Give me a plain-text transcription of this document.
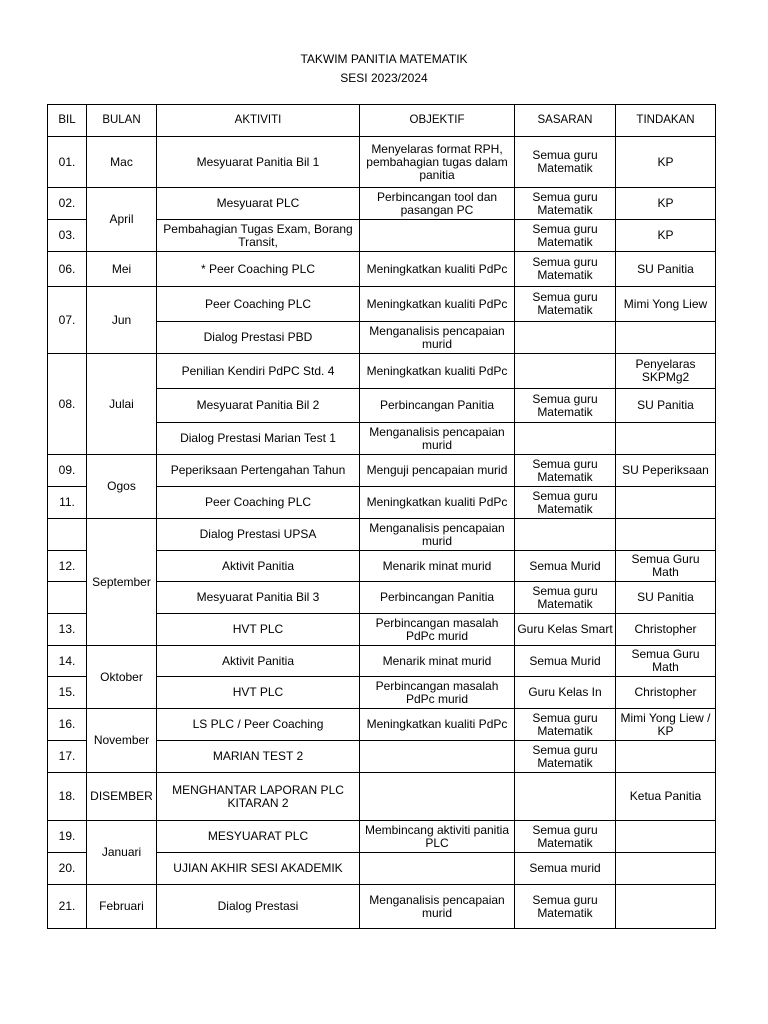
TAKWIM PANITIA MATEMATIK
SESI 2023/2024
BIL	BULAN	AKTIVITI	OBJEKTIF	SASARAN	TINDAKAN
01.	Mac	Mesyuarat Panitia Bil 1	Menyelaras format RPH, pembahagian tugas dalam panitia	Semua guru Matematik	KP
02.	April	Mesyuarat PLC	Perbincangan tool dan pasangan PC	Semua guru Matematik	KP
03.		Pembahagian Tugas Exam, Borang Transit,		Semua guru Matematik	KP
06.	Mei	* Peer Coaching PLC	Meningkatkan kualiti PdPc	Semua guru Matematik	SU Panitia
07.	Jun	Peer Coaching PLC	Meningkatkan kualiti PdPc	Semua guru Matematik	Mimi Yong Liew
		Dialog Prestasi PBD	Menganalisis pencapaian murid		
08.	Julai	Penilian Kendiri PdPC Std. 4	Meningkatkan kualiti PdPc		Penyelaras SKPMg2
		Mesyuarat Panitia Bil 2	Perbincangan Panitia	Semua guru Matematik	SU Panitia
		Dialog Prestasi Marian Test 1	Menganalisis pencapaian murid		
09.	Ogos	Peperiksaan Pertengahan Tahun	Menguji pencapaian murid	Semua guru Matematik	SU Peperiksaan
11.		Peer Coaching PLC	Meningkatkan kualiti PdPc	Semua guru Matematik	
	September	Dialog Prestasi UPSA	Menganalisis pencapaian murid		
12.		Aktivit Panitia	Menarik minat murid	Semua Murid	Semua Guru Math
		Mesyuarat Panitia Bil 3	Perbincangan Panitia	Semua guru Matematik	SU Panitia
13.		HVT PLC	Perbincangan masalah PdPc murid	Guru Kelas Smart	Christopher
14.	Oktober	Aktivit Panitia	Menarik minat murid	Semua Murid	Semua Guru Math
15.		HVT PLC	Perbincangan masalah PdPc murid	Guru Kelas In	Christopher
16.	November	LS PLC / Peer Coaching	Meningkatkan kualiti PdPc	Semua guru Matematik	Mimi Yong Liew / KP
17.		MARIAN TEST 2		Semua guru Matematik	
18.	DISEMBER	MENGHANTAR LAPORAN PLC KITARAN 2			Ketua Panitia
19.	Januari	MESYUARAT PLC	Membincang aktiviti panitia PLC	Semua guru Matematik	
20.		UJIAN AKHIR SESI AKADEMIK		Semua murid	
21.	Februari	Dialog Prestasi	Menganalisis pencapaian murid	Semua guru Matematik	
